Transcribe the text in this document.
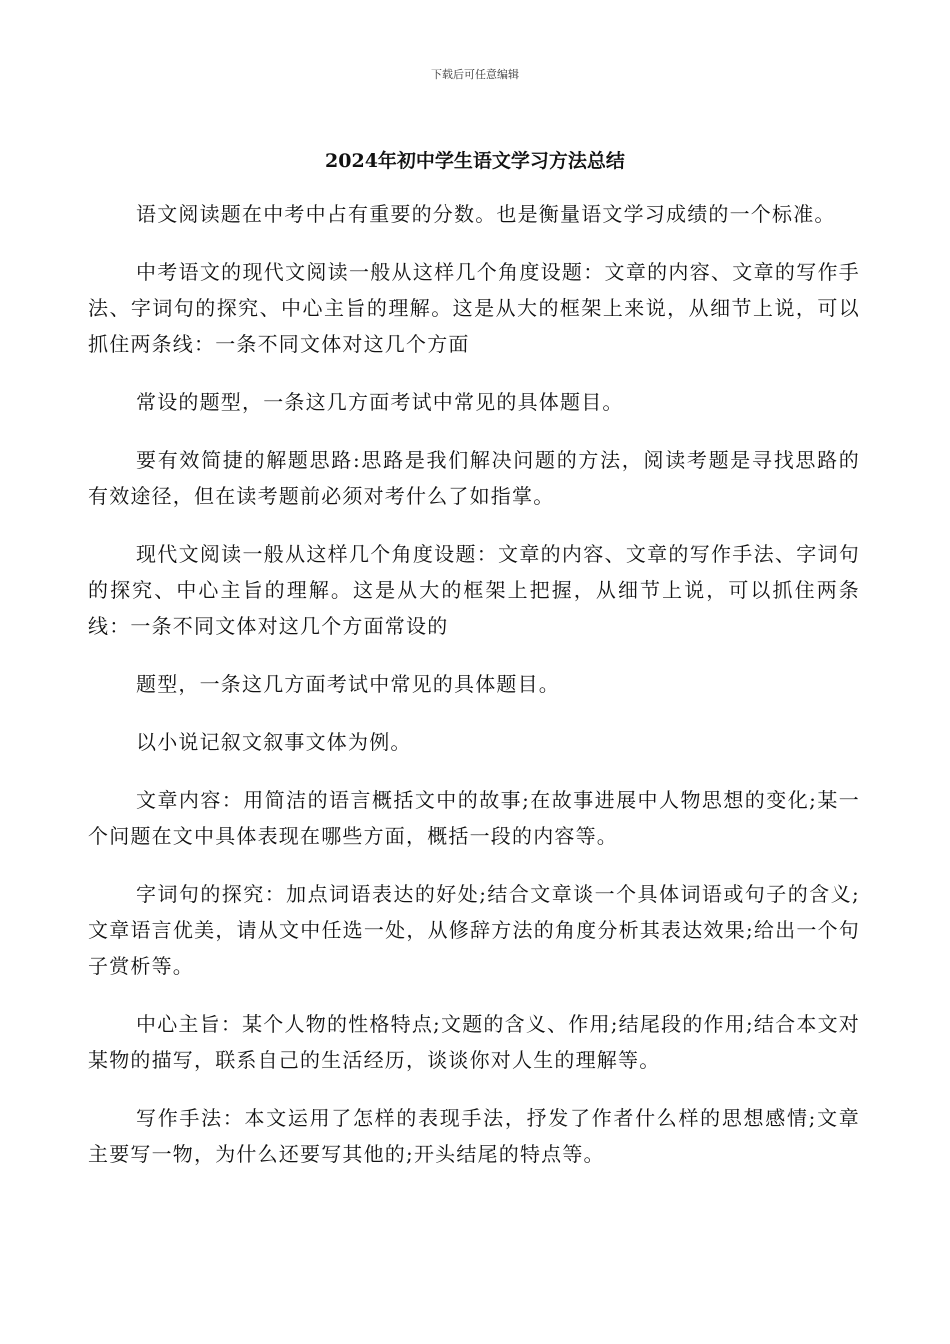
下载后可任意编辑
2024年初中学生语文学习方法总结

语文阅读题在中考中占有重要的分数。也是衡量语文学习成绩的一个标准。

中考语文的现代文阅读一般从这样几个角度设题：文章的内容、文章的写作手法、字词句的探究、中心主旨的理解。这是从大的框架上来说，从细节上说，可以抓住两条线：一条不同文体对这几个方面

常设的题型，一条这几方面考试中常见的具体题目。

要有效简捷的解题思路:思路是我们解决问题的方法，阅读考题是寻找思路的有效途径，但在读考题前必须对考什么了如指掌。

现代文阅读一般从这样几个角度设题：文章的内容、文章的写作手法、字词句的探究、中心主旨的理解。这是从大的框架上把握，从细节上说，可以抓住两条线：一条不同文体对这几个方面常设的

题型，一条这几方面考试中常见的具体题目。

以小说记叙文叙事文体为例。

文章内容：用简洁的语言概括文中的故事;在故事进展中人物思想的变化;某一个问题在文中具体表现在哪些方面，概括一段的内容等。

字词句的探究：加点词语表达的好处;结合文章谈一个具体词语或句子的含义;文章语言优美，请从文中任选一处，从修辞方法的角度分析其表达效果;给出一个句子赏析等。

中心主旨：某个人物的性格特点;文题的含义、作用;结尾段的作用;结合本文对某物的描写，联系自己的生活经历，谈谈你对人生的理解等。

写作手法：本文运用了怎样的表现手法，抒发了作者什么样的思想感情;文章主要写一物，为什么还要写其他的;开头结尾的特点等。
